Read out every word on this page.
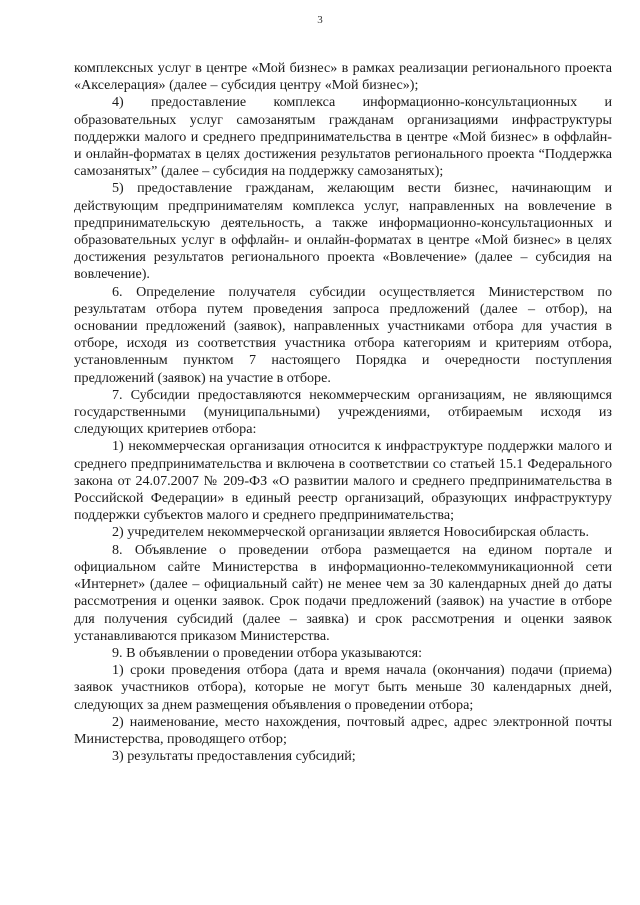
3

комплексных услуг в центре «Мой бизнес» в рамках реализации регионального проекта «Акселерация» (далее – субсидия центру «Мой бизнес»);

4) предоставление комплекса информационно-консультационных и образовательных услуг самозанятым гражданам организациями инфраструктуры поддержки малого и среднего предпринимательства в центре «Мой бизнес» в оффлайн- и онлайн-форматах в целях достижения результатов регионального проекта “Поддержка самозанятых” (далее – субсидия на поддержку самозанятых);

5) предоставление гражданам, желающим вести бизнес, начинающим и действующим предпринимателям комплекса услуг, направленных на вовлечение в предпринимательскую деятельность, а также информационно-консультационных и образовательных услуг в оффлайн- и онлайн-форматах в центре «Мой бизнес» в целях достижения результатов регионального проекта «Вовлечение» (далее – субсидия на вовлечение).

6. Определение получателя субсидии осуществляется Министерством по результатам отбора путем проведения запроса предложений (далее – отбор), на основании предложений (заявок), направленных участниками отбора для участия в отборе, исходя из соответствия участника отбора категориям и критериям отбора, установленным пунктом 7 настоящего Порядка и очередности поступления предложений (заявок) на участие в отборе.

7. Субсидии предоставляются некоммерческим организациям, не являющимся государственными (муниципальными) учреждениями, отбираемым исходя из следующих критериев отбора:

1) некоммерческая организация относится к инфраструктуре поддержки малого и среднего предпринимательства и включена в соответствии со статьей 15.1 Федерального закона от 24.07.2007 № 209-ФЗ «О развитии малого и среднего предпринимательства в Российской Федерации» в единый реестр организаций, образующих инфраструктуру поддержки субъектов малого и среднего предпринимательства;

2) учредителем некоммерческой организации является Новосибирская область.

8. Объявление о проведении отбора размещается на едином портале и официальном сайте Министерства в информационно-телекоммуникационной сети «Интернет» (далее – официальный сайт) не менее чем за 30 календарных дней до даты рассмотрения и оценки заявок. Срок подачи предложений (заявок) на участие в отборе для получения субсидий (далее – заявка) и срок рассмотрения и оценки заявок устанавливаются приказом Министерства.

9. В объявлении о проведении отбора указываются:

1) сроки проведения отбора (дата и время начала (окончания) подачи (приема) заявок участников отбора), которые не могут быть меньше 30 календарных дней, следующих за днем размещения объявления о проведении отбора;

2) наименование, место нахождения, почтовый адрес, адрес электронной почты Министерства, проводящего отбор;

3) результаты предоставления субсидий;
